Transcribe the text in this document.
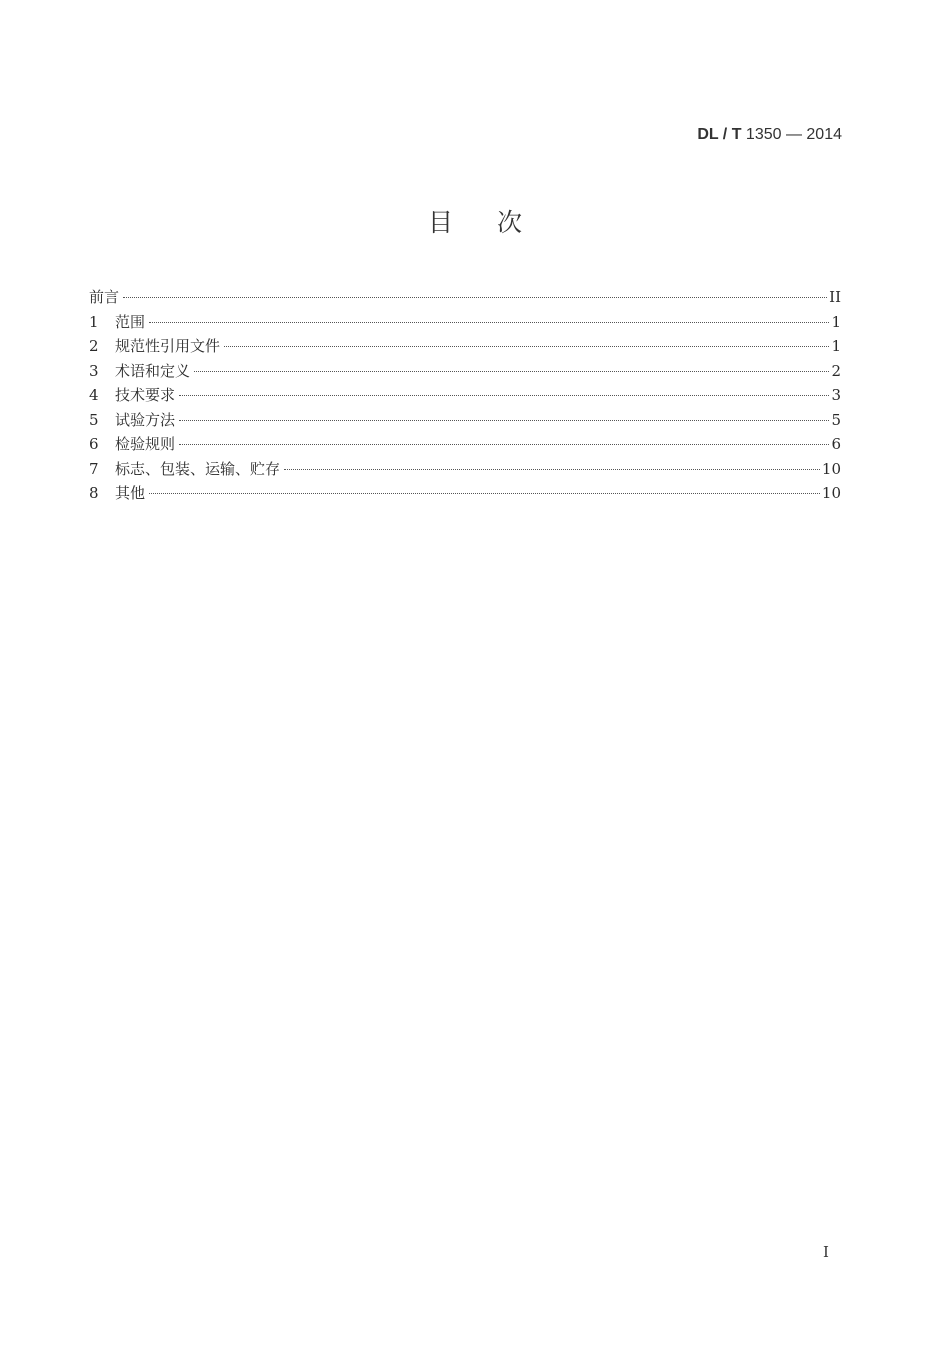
DL / T 1350 — 2014
目次
前言	II
1	范围	1
2	规范性引用文件	1
3	术语和定义	2
4	技术要求	3
5	试验方法	5
6	检验规则	6
7	标志、包装、运输、贮存	10
8	其他	10
I
